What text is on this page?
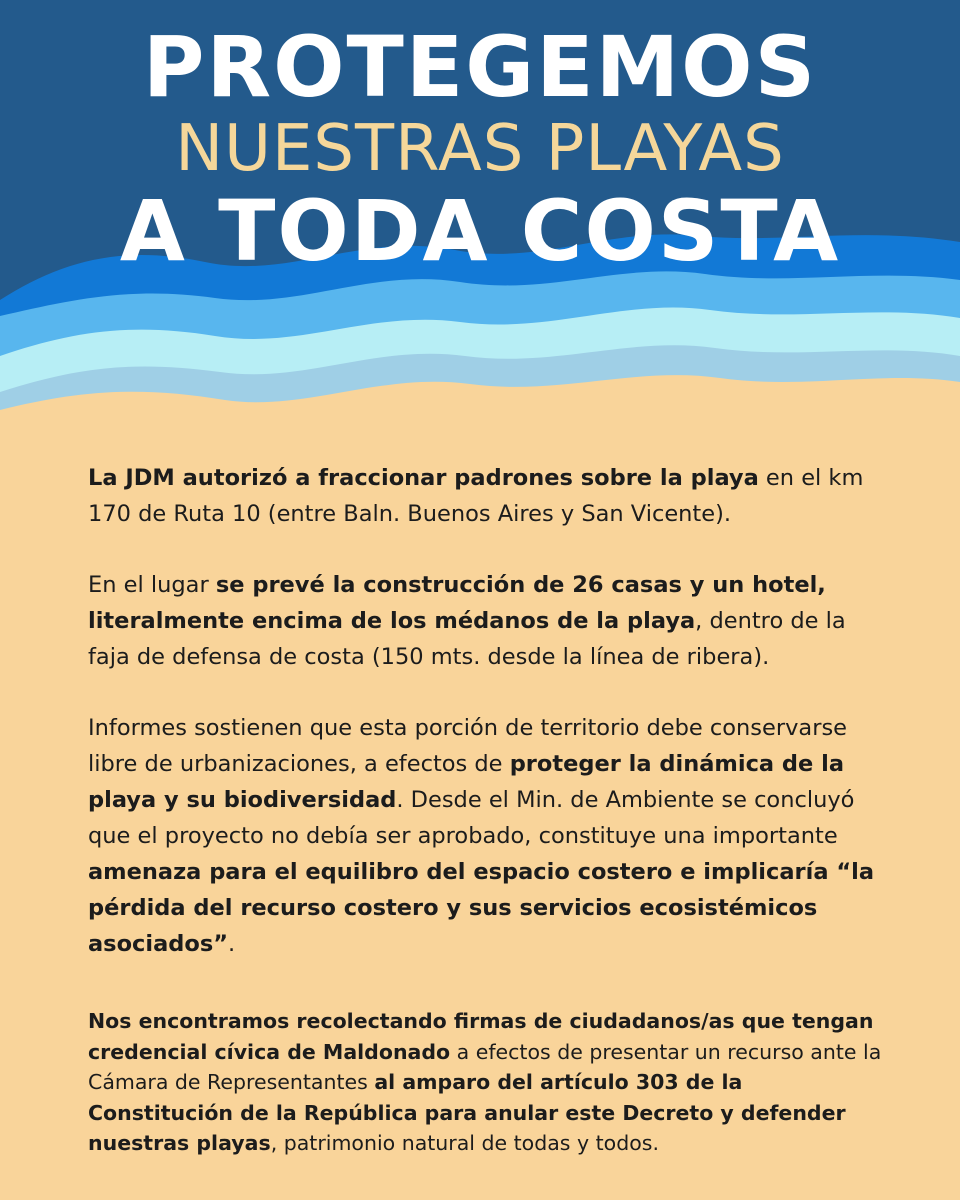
PROTEGEMOS
NUESTRAS PLAYAS
A TODA COSTA

La JDM autorizó a fraccionar padrones sobre la playa en el km 170 de Ruta 10 (entre Baln. Buenos Aires y San Vicente).

En el lugar se prevé la construcción de 26 casas y un hotel, literalmente encima de los médanos de la playa, dentro de la faja de defensa de costa (150 mts. desde la línea de ribera).

Informes sostienen que esta porción de territorio debe conservarse libre de urbanizaciones, a efectos de proteger la dinámica de la playa y su biodiversidad. Desde el Min. de Ambiente se concluyó que el proyecto no debía ser aprobado, constituye una importante amenaza para el equilibro del espacio costero e implicaría “la pérdida del recurso costero y sus servicios ecosistémicos asociados”.

Nos encontramos recolectando firmas de ciudadanos/as que tengan credencial cívica de Maldonado a efectos de presentar un recurso ante la Cámara de Representantes al amparo del artículo 303 de la Constitución de la República para anular este Decreto y defender nuestras playas, patrimonio natural de todas y todos.
